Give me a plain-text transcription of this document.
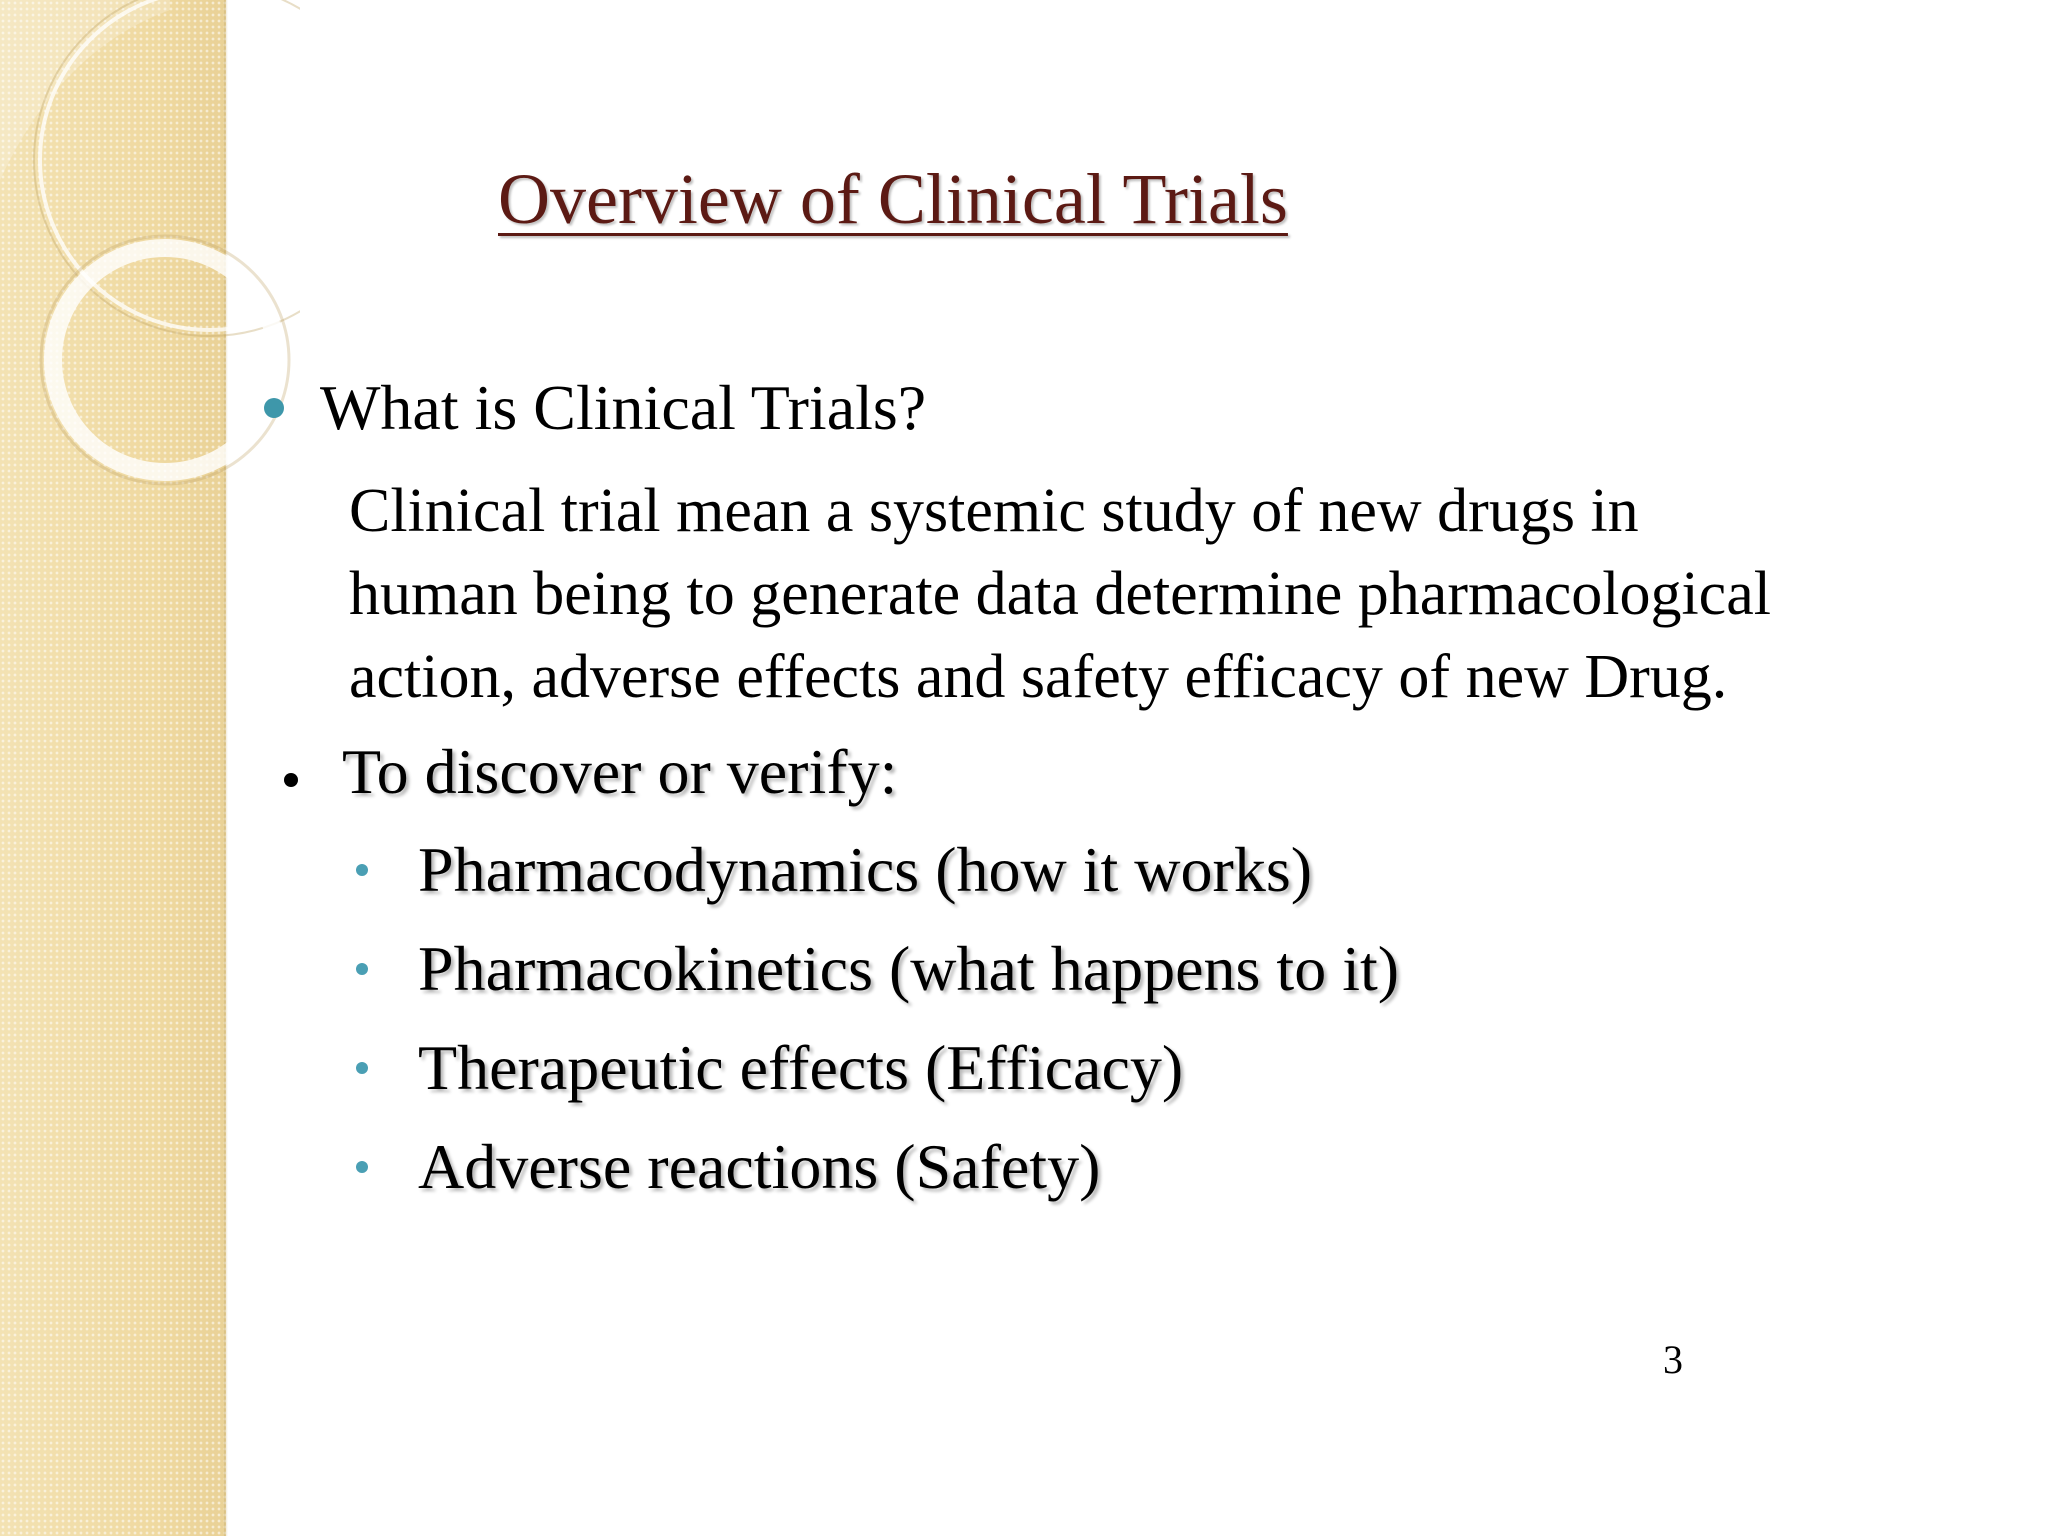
Overview of Clinical Trials
What is Clinical Trials?

Clinical trial mean a systemic study of new drugs in
human being to generate data determine pharmacological
action, adverse effects and safety efficacy of new Drug.

To discover or verify:
Pharmacodynamics (how it works)
Pharmacokinetics (what happens to it)
Therapeutic effects (Efficacy)
Adverse reactions (Safety)
3
